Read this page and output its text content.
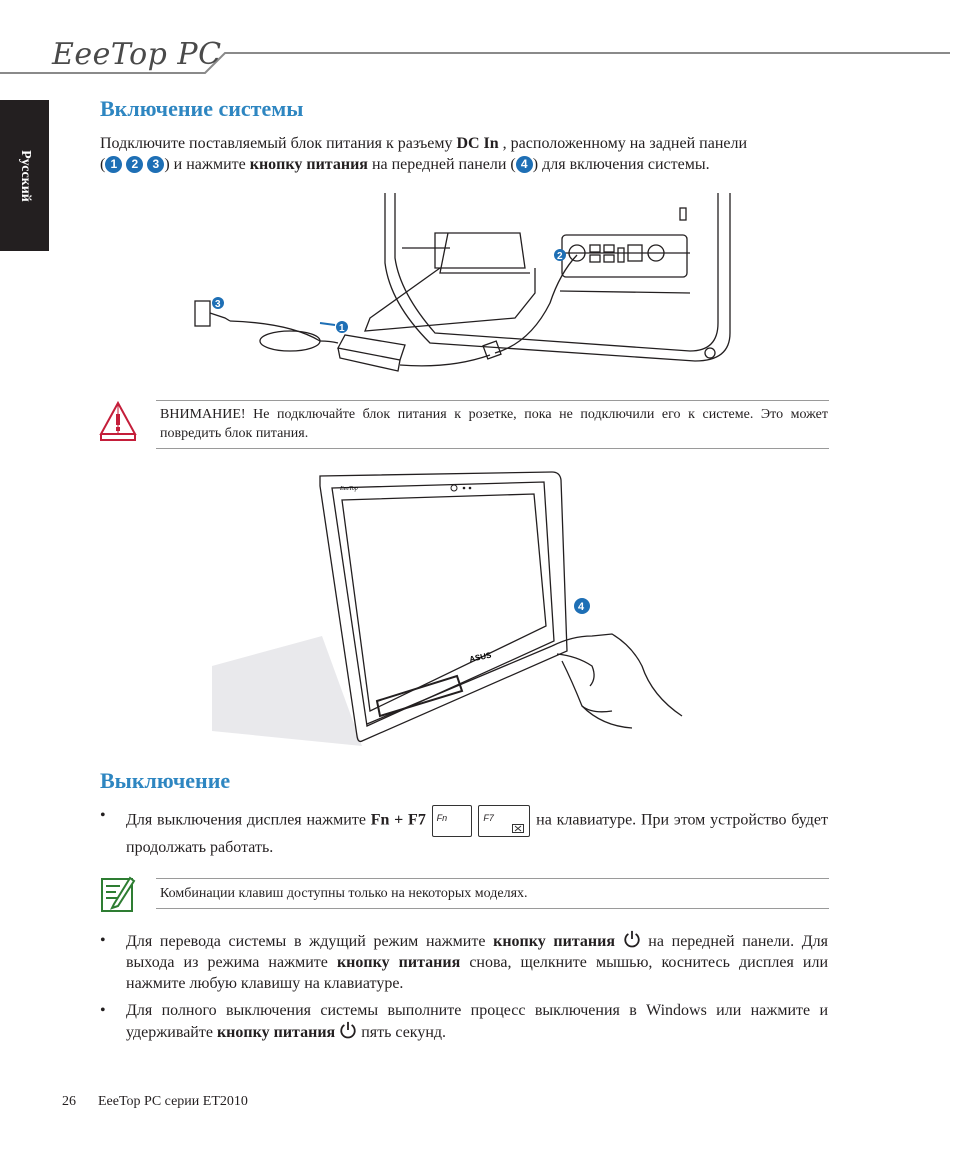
EeeTop PC
Русский
Включение системы

Подключите поставляемый блок питания к разъему DC In , расположенному на задней панели
( 1 2 3 ) и нажмите кнопку питания на передней панели ( 4 ) для включения системы.

1
2
3
ВНИМАНИЕ! Не подключайте блок питания к розетке, пока не подключили его к системе. Это может повредить блок питания.
EeeTop
ASUS
4
Выключение
• Для выключения дисплея нажмите Fn + F7 Fn
	F7 на клавиатуре. При этом устройство будет продолжать работать.
Комбинации клавиш доступны только на некоторых моделях.
• Для перевода системы в ждущий режим нажмите кнопку питания  на передней панели. Для выхода из режима нажмите кнопку питания снова, щелкните мышью, коснитесь дисплея или нажмите любую клавишу на клавиатуре.
• Для полного выключения системы выполните процесс выключения в Windows или нажмите и удерживайте кнопку питания  пять секунд.
26 EeeTop PC серии ET2010
